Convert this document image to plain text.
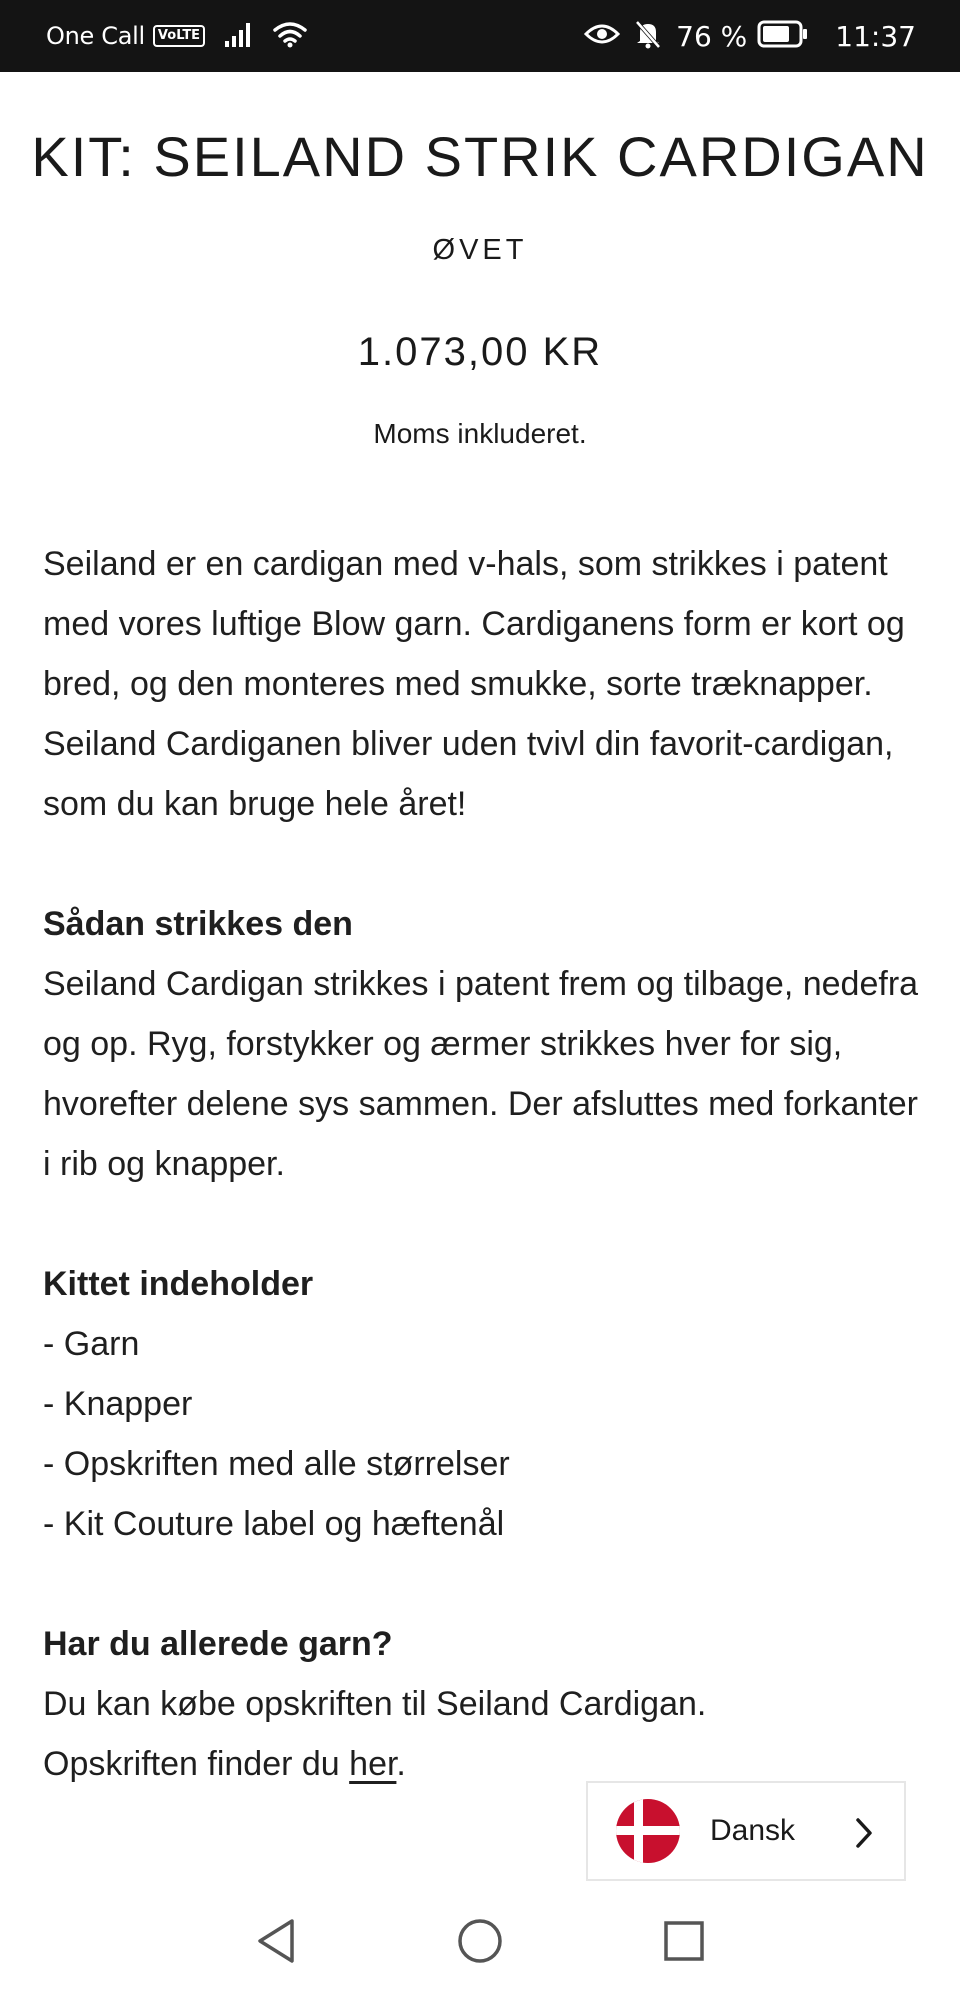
One Call	VoLTE	76 %	11:37
KIT: SEILAND STRIK CARDIGAN
ØVET
1.073,00 KR
Moms inkluderet.

Seiland er en cardigan med v-hals, som strikkes i patent med vores luftige Blow garn. Cardiganens form er kort og bred, og den monteres med smukke, sorte træknapper. Seiland Cardiganen bliver uden tvivl din favorit-cardigan, som du kan bruge hele året!

Sådan strikkes den

Seiland Cardigan strikkes i patent frem og tilbage, nedefra og op. Ryg, forstykker og ærmer strikkes hver for sig, hvorefter delene sys sammen. Der afsluttes med forkanter i rib og knapper.

Kittet indeholder

- Garn

- Knapper

- Opskriften med alle størrelser

- Kit Couture label og hæftenål

Har du allerede garn?

Du kan købe opskriften til Seiland Cardigan.

Opskriften finder du her.

Dansk
